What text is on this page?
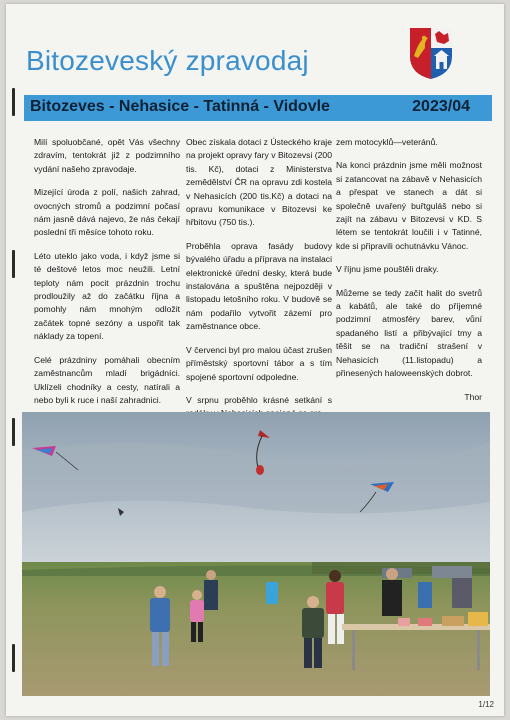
Bitozeveský zpravodaj
Bitozeves - Nehasice - Tatinná - Vidovle	2023/04

Milí spoluobčané, opět Vás všechny zdravím, tentokrát již z podzimního vydání našeho zpravodaje.

Mizející úroda z polí, našich zahrad, ovocných stromů a podzimní počasí nám jasně dává najevo, že nás čekají poslední tři měsíce tohoto roku.

Léto uteklo jako voda, i když jsme si té deštové letos moc neužili. Letní teploty nám pocit prázdnin trochu prodloužily až do začátku října a pomohly nám mnohým odložit začátek topné sezóny a uspořit tak náklady za topení.

Celé prázdniny pomáhali obecním zaměstnancům mladí brigádníci. Uklízeli chodníky a cesty, natírali a nebo byli k ruce i naší zahradnici.

Obec získala dotaci z Ústeckého kraje na projekt opravy fary v Bitozevsi (200 tis. Kč), dotaci z Ministerstva zemědělství ČR na opravu zdi kostela v Nehasicích (200 tis.Kč) a dotaci na opravu komunikace v Bitozevsi ke hřbitovu (750 tis.).

Proběhla oprava fasády budovy bývalého úřadu a příprava na instalaci elektronické úřední desky, která bude instalována a spuštěna nejpozději v listopadu letošního roku. V budově se nám podařilo vytvořit zázemí pro zaměstnance obce.

V červenci byl pro malou účast zrušen příměstský sportovní tábor a s tím spojené sportovní odpoledne.

V srpnu proběhlo krásné setkání s

zem motocyklů—veteránů.

Na konci prázdnin jsme měli možnost si zatancovat na zábavě v Nehasicích a přespat ve stanech a dát si společně uvařený buřtguláš nebo si zajít na zábavu v Bitozevsi v KD. S létem se tentokrát loučili i v Tatinné, kde si připravili ochutnávku Vánoc.

V říjnu jsme pouštěli draky.

Můžeme se tedy začít halit do svetrů a kabátů, ale také do příjemné podzimní atmosféry barev, vůní spadaného listí a přibývající tmy a těšit se na tradiční strašení v Nehasicích (11.listopadu) a přinesených haloweenských dobrot.

Thor

1/12
